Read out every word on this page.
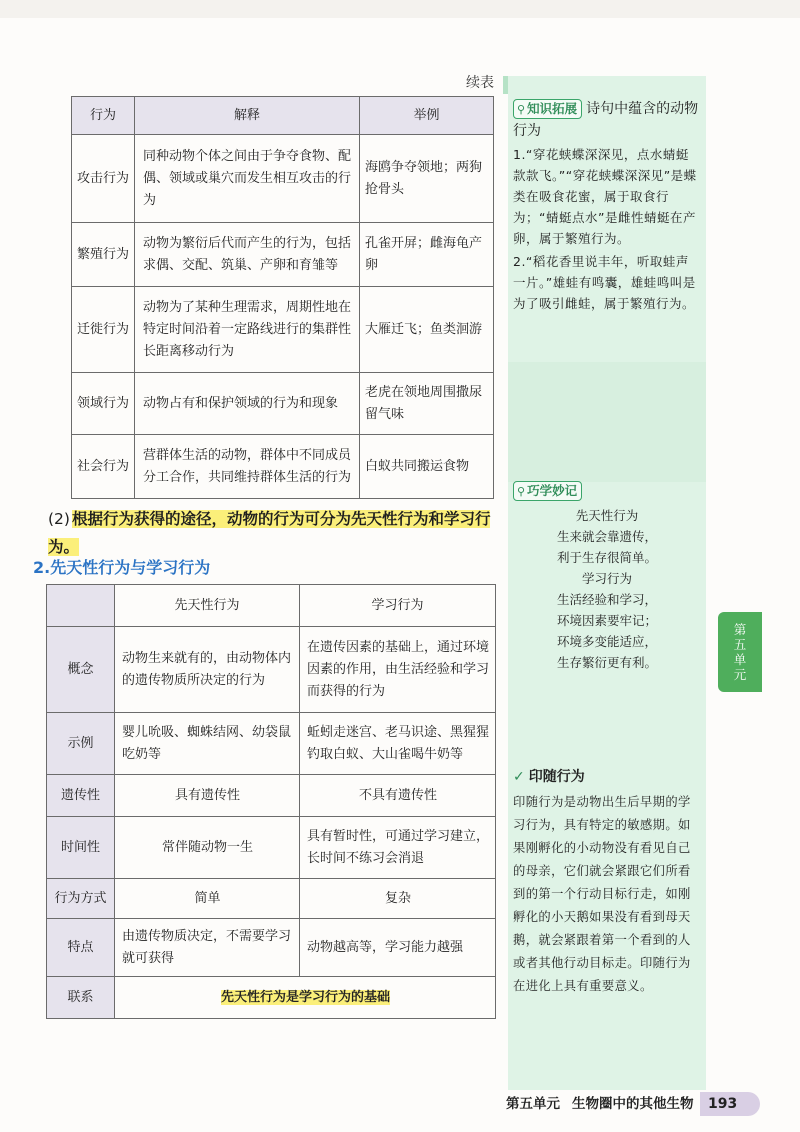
续表
行为	解释	举例
攻击行为	同种动物个体之间由于争夺食物、配偶、领域或巢穴而发生相互攻击的行为	海鸥争夺领地；两狗抢骨头
繁殖行为	动物为繁衍后代而产生的行为，包括求偶、交配、筑巢、产卵和育雏等	孔雀开屏；雌海龟产卵
迁徙行为	动物为了某种生理需求，周期性地在特定时间沿着一定路线进行的集群性长距离移动行为	大雁迁飞；鱼类洄游
领域行为	动物占有和保护领域的行为和现象	老虎在领地周围撒尿留气味
社会行为	营群体生活的动物，群体中不同成员分工合作，共同维持群体生活的行为	白蚁共同搬运食物
(2) 根据行为获得的途径，动物的行为可分为先天性行为和学习行为。
2.先天性行为与学习行为
	先天性行为	学习行为
概念	动物生来就有的，由动物体内的遗传物质所决定的行为	在遗传因素的基础上，通过环境因素的作用，由生活经验和学习而获得的行为
示例	婴儿吮吸、蜘蛛结网、幼袋鼠吃奶等	蚯蚓走迷宫、老马识途、黑猩猩钓取白蚁、大山雀喝牛奶等
遗传性	具有遗传性	不具有遗传性
时间性	常伴随动物一生	具有暂时性，可通过学习建立，长时间不练习会消退
行为方式	简单	复杂
特点	由遗传物质决定，不需要学习就可获得	动物越高等，学习能力越强
联系	先天性行为是学习行为的基础	
⚲ 知识拓展 诗句中蕴含的动物行为

1.“穿花蛱蝶深深见，点水蜻蜓款款飞。”“穿花蛱蝶深深见”是蝶类在吸食花蜜，属于取食行为；“蜻蜓点水”是雌性蜻蜓在产卵，属于繁殖行为。

2.“稻花香里说丰年，听取蛙声一片。”雄蛙有鸣囊，雄蛙鸣叫是为了吸引雌蛙，属于繁殖行为。

⚲ 巧学妙记
先天性行为
生来就会靠遗传，
利于生存很简单。
学习行为
生活经验和学习，
环境因素要牢记；
环境多变能适应，
生存繁衍更有利。
✓ 印随行为

印随行为是动物出生后早期的学习行为，具有特定的敏感期。如果刚孵化的小动物没有看见自己的母亲，它们就会紧跟它们所看到的第一个行动目标行走，如刚孵化的小天鹅如果没有看到母天鹅，就会紧跟着第一个看到的人或者其他行动目标走。印随行为在进化上具有重要意义。

第
五
单
元
第五单元 生物圈中的其他生物	193
